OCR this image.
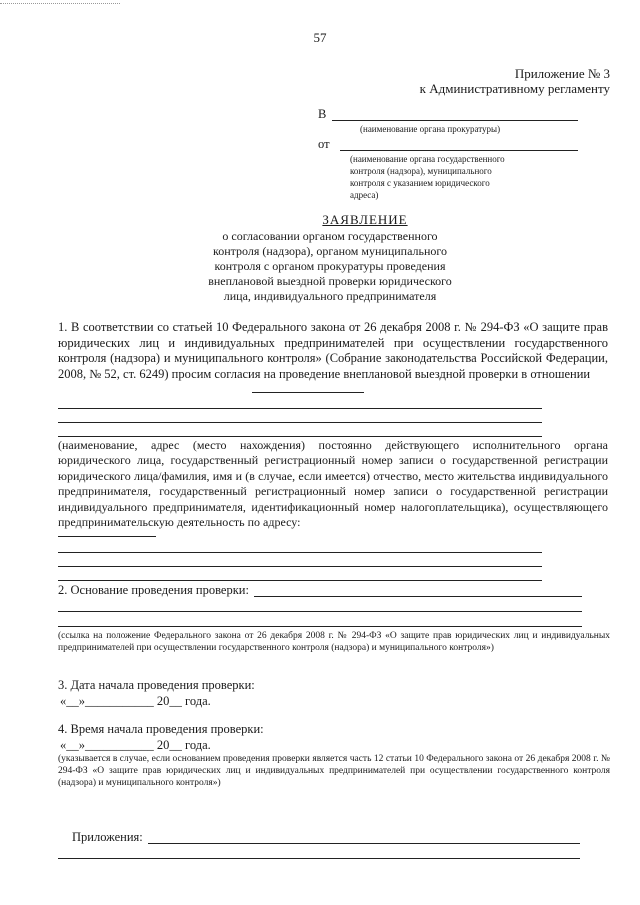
57
Приложение № 3
к Административному регламенту
В
(наименование органа прокуратуры)
от
(наименование органа государственного
контроля (надзора), муниципального
контроля с указанием юридического
адреса)
ЗАЯВЛЕНИЕ
о согласовании органом государственного
контроля (надзора), органом муниципального
контроля с органом прокуратуры проведения
внеплановой выездной проверки юридического
лица, индивидуального предпринимателя
1. В соответствии со статьей 10 Федерального закона от 26 декабря 2008 г. № 294-ФЗ «О защите прав юридических лиц и индивидуальных предпринимателей при осуществлении государственного контроля (надзора) и муниципального контроля» (Собрание законодательства Российской Федерации, 2008, № 52, ст. 6249) просим согласия на проведение внеплановой выездной проверки в отношении
(наименование, адрес (место нахождения) постоянно действующего исполнительного органа юридического лица, государственный регистрационный номер записи о государственной регистрации юридического лица/фамилия, имя и (в случае, если имеется) отчество, место жительства индивидуального предпринимателя, государственный регистрационный номер записи о государственной регистрации индивидуального предпринимателя, идентификационный номер налогоплательщика), осуществляющего предпринимательскую деятельность по адресу:
2. Основание проведения проверки:
(ссылка на положение Федерального закона от 26 декабря 2008 г. № 294-ФЗ «О защите прав юридических лиц и индивидуальных предпринимателей при осуществлении государственного контроля (надзора) и муниципального контроля»)
3. Дата начала проведения проверки:
«__»___________ 20__ года.
4. Время начала проведения проверки:
«__»___________ 20__ года.
(указывается в случае, если основанием проведения проверки является часть 12 статьи 10 Федерального закона от 26 декабря 2008 г. № 294-ФЗ «О защите прав юридических лиц и индивидуальных предпринимателей при осуществлении государственного контроля (надзора) и муниципального контроля»)
Приложения:
